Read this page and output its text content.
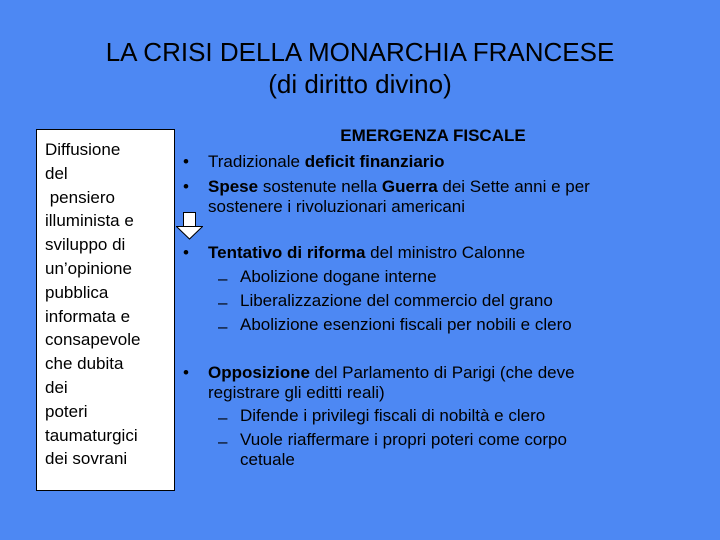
LA CRISI DELLA MONARCHIA FRANCESE
(di diritto divino)
Diffusione
del
pensiero
illuminista e
sviluppo di
un’opinione
pubblica
informata e
consapevole
che dubita
dei
poteri
taumaturgici
dei sovrani
EMERGENZA FISCALE
• Tradizionale deficit finanziario
• Spese sostenute nella Guerra dei Sette anni e per
sostenere i rivoluzionari americani
• Tentativo di riforma del ministro Calonne
– Abolizione dogane interne
– Liberalizzazione del commercio del grano
– Abolizione esenzioni fiscali per nobili e clero
• Opposizione del Parlamento di Parigi (che deve
registrare gli editti reali)
– Difende i privilegi fiscali di nobiltà e clero
– Vuole riaffermare i propri poteri come corpo
cetuale
